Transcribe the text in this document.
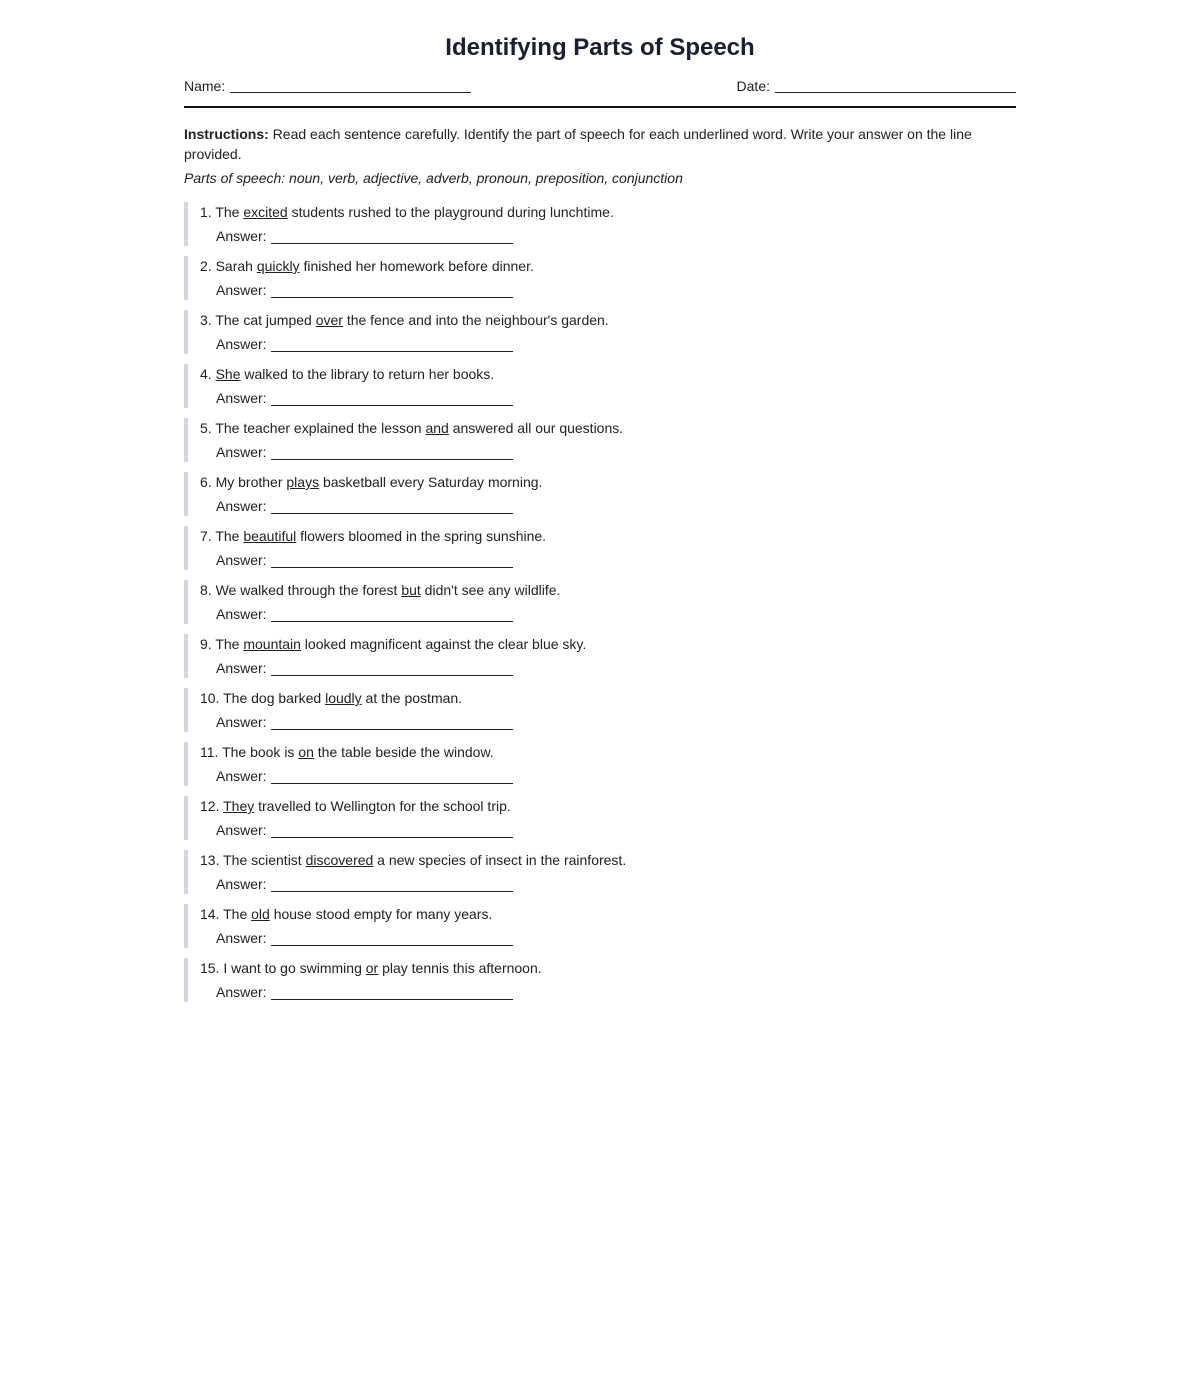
Identifying Parts of Speech
Name:	Date:
Instructions: Read each sentence carefully. Identify the part of speech for each underlined word. Write your answer on the line provided.
Parts of speech: noun, verb, adjective, adverb, pronoun, preposition, conjunction
1. The excited students rushed to the playground during lunchtime.
Answer:
2. Sarah quickly finished her homework before dinner.
Answer:
3. The cat jumped over the fence and into the neighbour's garden.
Answer:
4. She walked to the library to return her books.
Answer:
5. The teacher explained the lesson and answered all our questions.
Answer:
6. My brother plays basketball every Saturday morning.
Answer:
7. The beautiful flowers bloomed in the spring sunshine.
Answer:
8. We walked through the forest but didn't see any wildlife.
Answer:
9. The mountain looked magnificent against the clear blue sky.
Answer:
10. The dog barked loudly at the postman.
Answer:
11. The book is on the table beside the window.
Answer:
12. They travelled to Wellington for the school trip.
Answer:
13. The scientist discovered a new species of insect in the rainforest.
Answer:
14. The old house stood empty for many years.
Answer:
15. I want to go swimming or play tennis this afternoon.
Answer:
